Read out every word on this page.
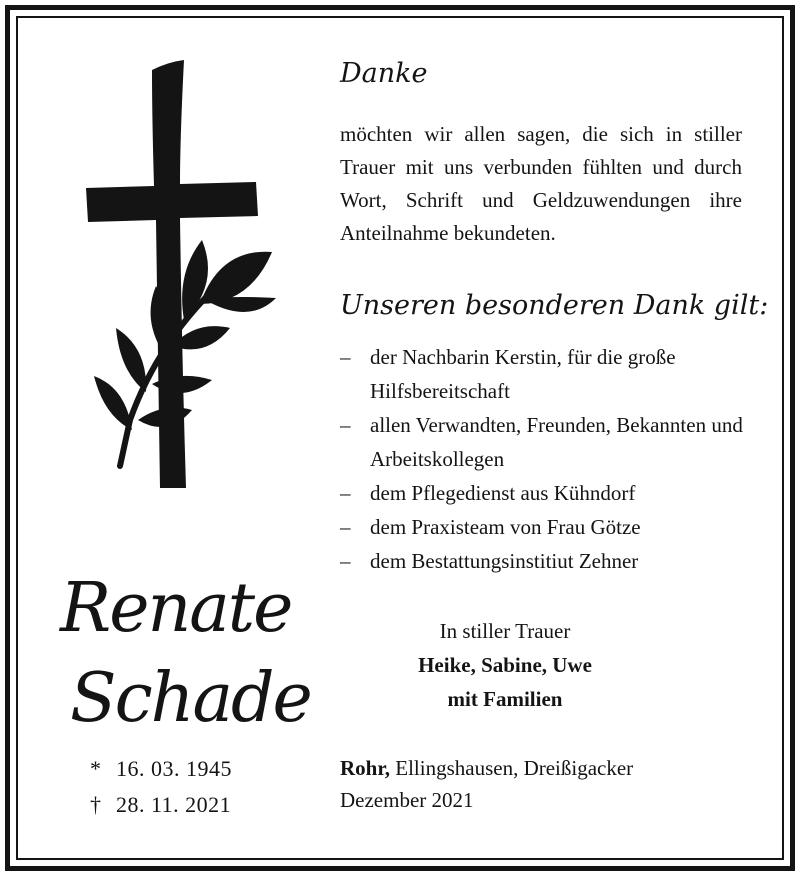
Renate
Schade
* 16. 03. 1945
† 28. 11. 2021
Danke
möchten wir allen sagen, die sich in stiller Trauer mit uns verbunden fühlten und durch Wort, Schrift und Geldzuwendungen ihre Anteilnahme bekundeten.
Unseren besonderen Dank gilt:
– der Nachbarin Kerstin, für die große Hilfsbereitschaft
– allen Verwandten, Freunden, Bekannten und Arbeitskollegen
– dem Pflegedienst aus Kühndorf
– dem Praxisteam von Frau Götze
– dem Bestattungsinstitiut Zehner
In stiller Trauer
Heike, Sabine, Uwe
mit Familien
Rohr, Ellingshausen, Dreißigacker
Dezember 2021
